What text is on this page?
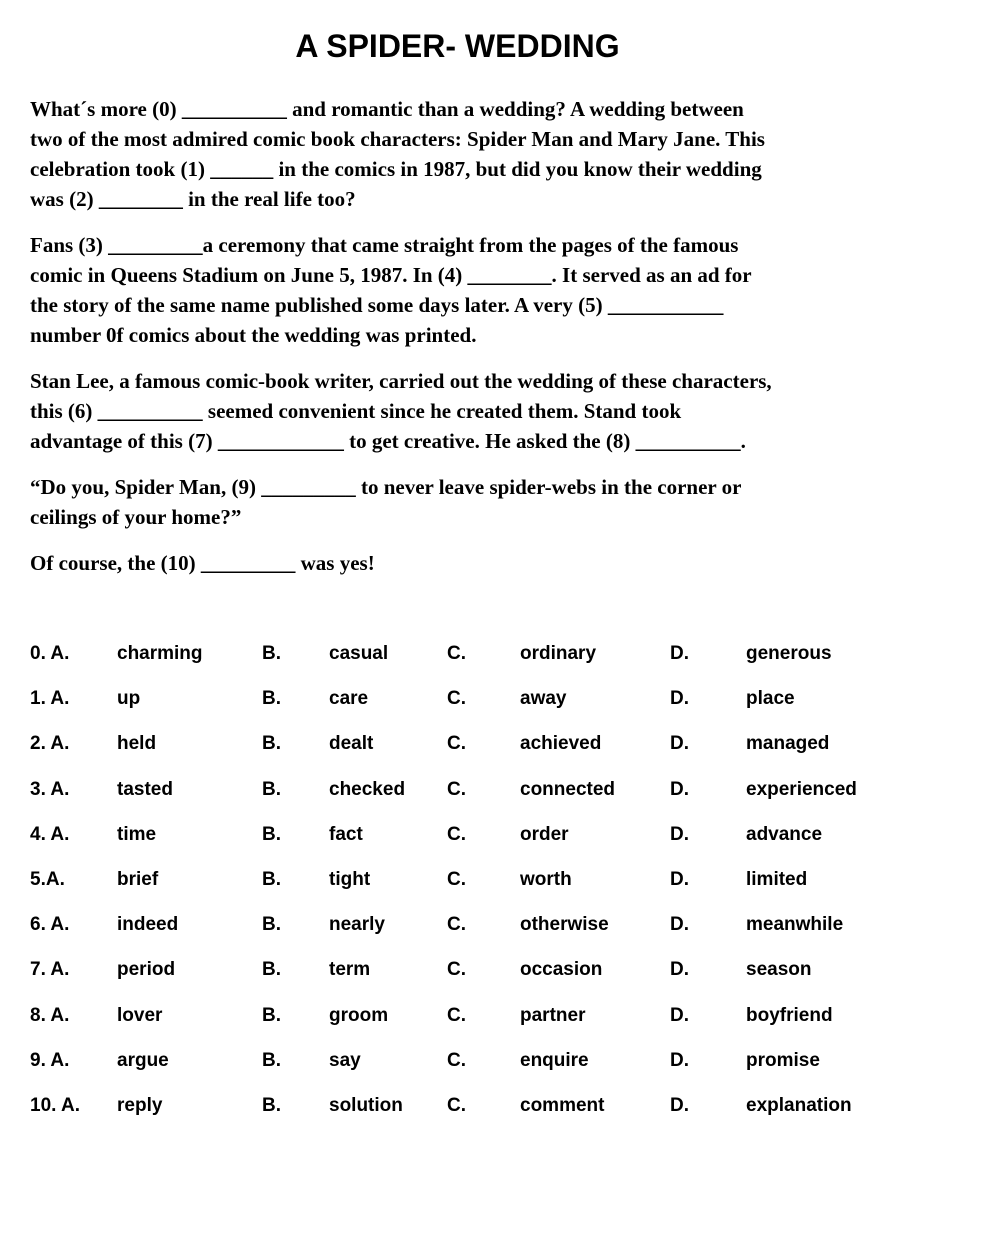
A SPIDER- WEDDING
What´s more (0) __________ and romantic than a wedding? A wedding between
two of the most admired comic book characters: Spider Man and Mary Jane. This
celebration took (1) ______ in the comics in 1987, but did you know their wedding
was (2) ________ in the real life too?
Fans (3) _________a ceremony that came straight from the pages of the famous
comic in Queens Stadium on June 5, 1987. In (4) ________. It served as an ad for
the story of the same name published some days later. A very (5) ___________
number 0f comics about the wedding was printed.
Stan Lee, a famous comic-book writer, carried out the wedding of these characters,
this (6) __________ seemed convenient since he created them. Stand took
advantage of this (7) ____________ to get creative. He asked the (8) __________.
“Do you, Spider Man, (9) _________ to never leave spider-webs in the corner or
ceilings of your home?”
Of course, the (10) _________ was yes!
0. A.	charming	B.	casual	C.	ordinary	D.	generous
1. A.	up	B.	care	C.	away	D.	place
2. A.	held	B.	dealt	C.	achieved	D.	managed
3. A.	tasted	B.	checked C.	connected	D.	experienced
4. A.	time	B.	fact	C.	order	D.	advance
5.A.	brief	B.	tight	C.	worth	D.	limited
6. A.	indeed	B.	nearly	C.	otherwise	D.	meanwhile
7. A.	period	B.	term	C.	occasion	D.	season
8. A.	lover	B.	groom	C.	partner	D.	boyfriend
9. A.	argue	B.	say	C.	enquire	D.	promise
10. A. reply	B.	solution C.	comment	D.	explanation
